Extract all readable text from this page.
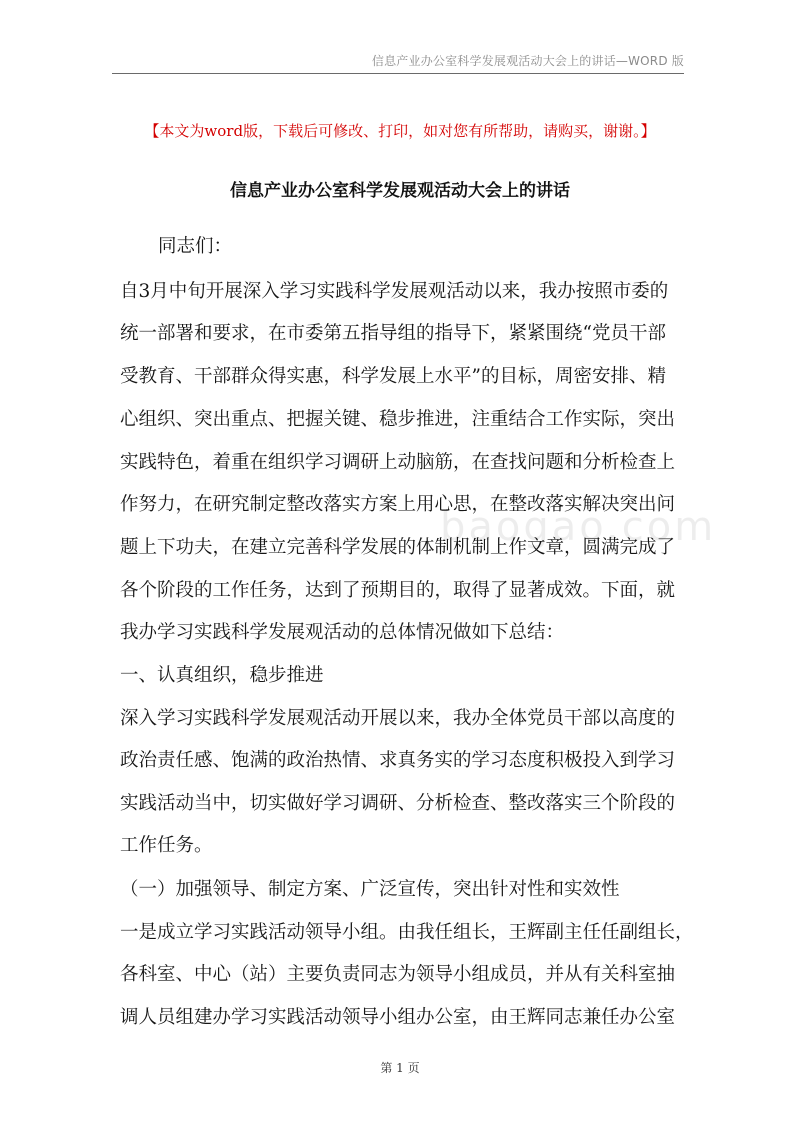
信息产业办公室科学发展观活动大会上的讲话—WORD 版
【本文为word版，下载后可修改、打印，如对您有所帮助，请购买，谢谢。】
信息产业办公室科学发展观活动大会上的讲话
baogao.com
同志们：
自3月中旬开展深入学习实践科学发展观活动以来，我办按照市委的
统一部署和要求，在市委第五指导组的指导下，紧紧围绕“党员干部
受教育、干部群众得实惠，科学发展上水平”的目标，周密安排、精
心组织、突出重点、把握关键、稳步推进，注重结合工作实际，突出
实践特色，着重在组织学习调研上动脑筋，在查找问题和分析检查上
作努力，在研究制定整改落实方案上用心思，在整改落实解决突出问
题上下功夫，在建立完善科学发展的体制机制上作文章，圆满完成了
各个阶段的工作任务，达到了预期目的，取得了显著成效。下面，就
我办学习实践科学发展观活动的总体情况做如下总结：
一、认真组织，稳步推进
深入学习实践科学发展观活动开展以来，我办全体党员干部以高度的
政治责任感、饱满的政治热情、求真务实的学习态度积极投入到学习
实践活动当中，切实做好学习调研、分析检查、整改落实三个阶段的
工作任务。
（一）加强领导、制定方案、广泛宣传，突出针对性和实效性
一是成立学习实践活动领导小组。由我任组长，王辉副主任任副组长，
各科室、中心（站）主要负责同志为领导小组成员，并从有关科室抽
调人员组建办学习实践活动领导小组办公室，由王辉同志兼任办公室
第 1 页
